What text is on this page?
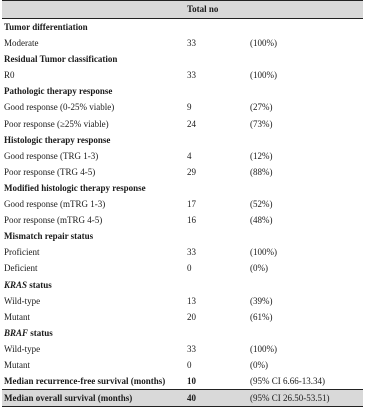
	Total no	
Tumor differentiation		
Moderate	33	(100%)
Residual Tumor classification		
R0	33	(100%)
Pathologic therapy response		
Good response (0-25% viable)	9	(27%)
Poor response (≥25% viable)	24	(73%)
Histologic therapy response		
Good response (TRG 1-3)	4	(12%)
Poor response (TRG 4-5)	29	(88%)
Modified histologic therapy response		
Good response (mTRG 1-3)	17	(52%)
Poor response (mTRG 4-5)	16	(48%)
Mismatch repair status		
Proficient	33	(100%)
Deficient	0	(0%)
KRAS status		
Wild-type	13	(39%)
Mutant	20	(61%)
BRAF status		
Wild-type	33	(100%)
Mutant	0	(0%)
Median recurrence-free survival (months)	10	(95% CI 6.66-13.34)
Median overall survival (months)	40	(95% CI 26.50-53.51)
